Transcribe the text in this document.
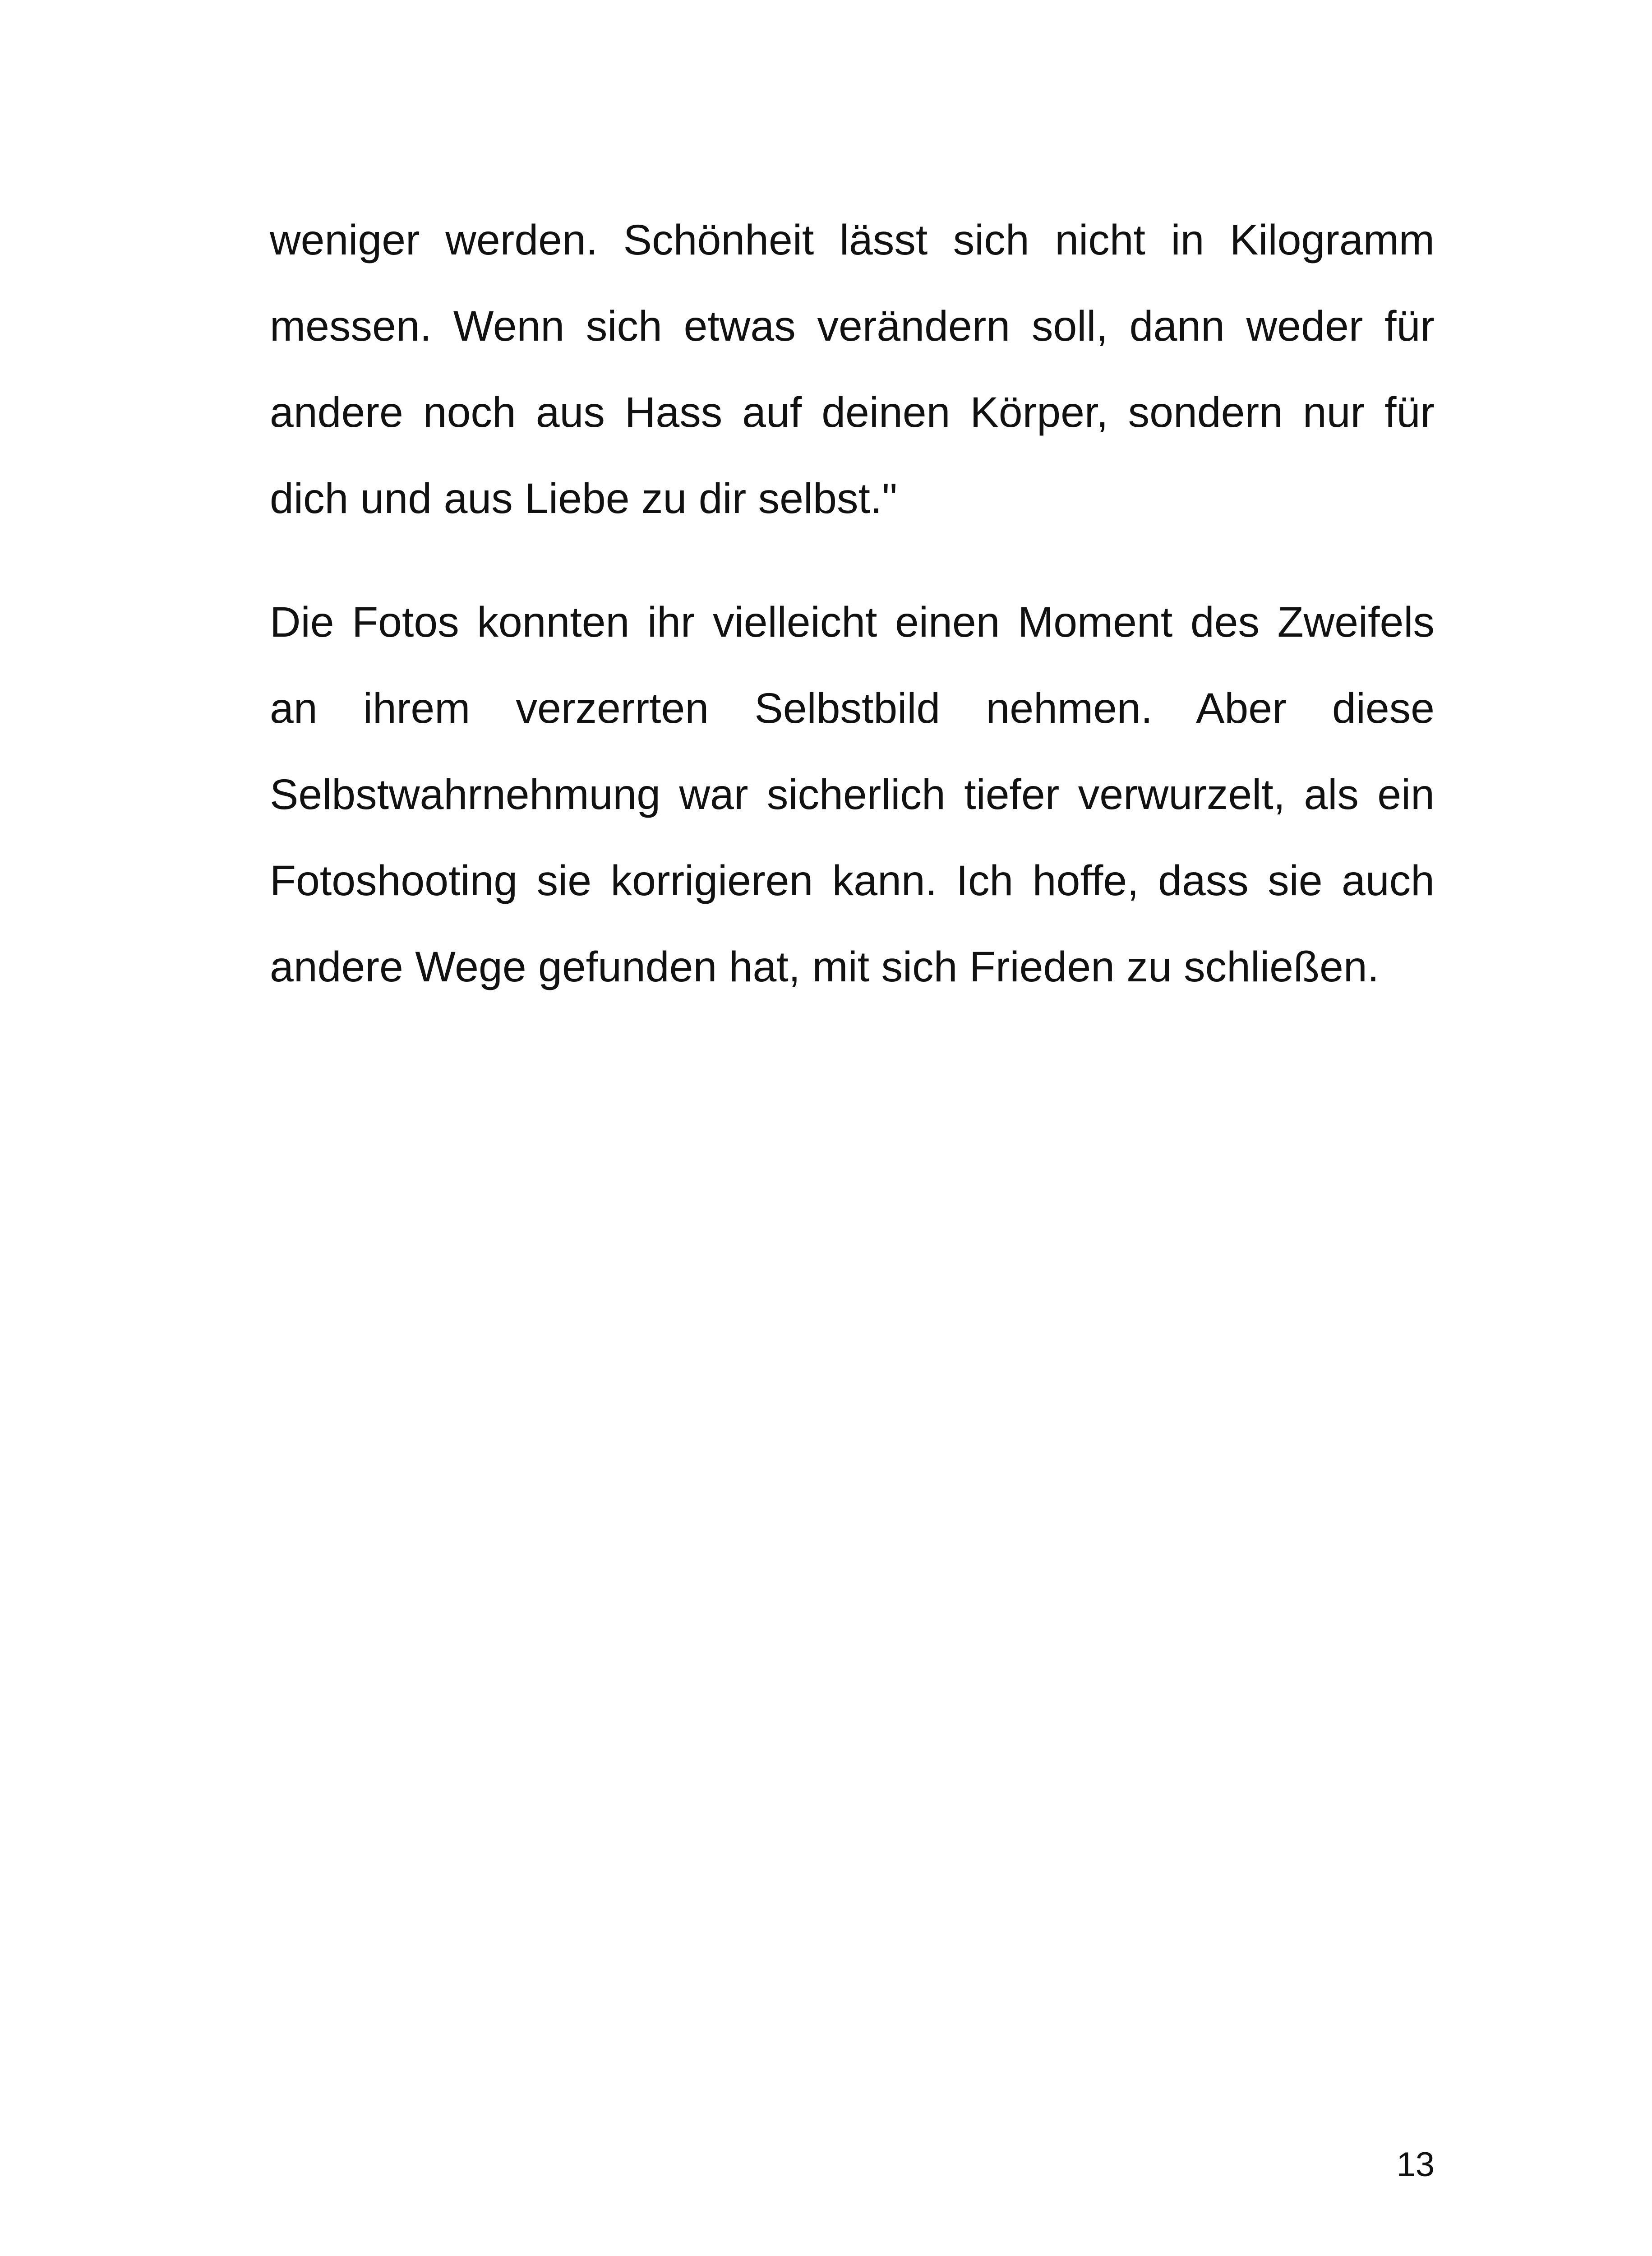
weniger werden. Schönheit lässt sich nicht in Kilogramm
messen. Wenn sich etwas verändern soll, dann weder für
andere noch aus Hass auf deinen Körper, sondern nur für
dich und aus Liebe zu dir selbst."

Die Fotos konnten ihr vielleicht einen Moment des Zweifels
an ihrem verzerrten Selbstbild nehmen. Aber diese
Selbstwahrnehmung war sicherlich tiefer verwurzelt, als ein
Fotoshooting sie korrigieren kann. Ich hoffe, dass sie auch
andere Wege gefunden hat, mit sich Frieden zu schließen.

13
